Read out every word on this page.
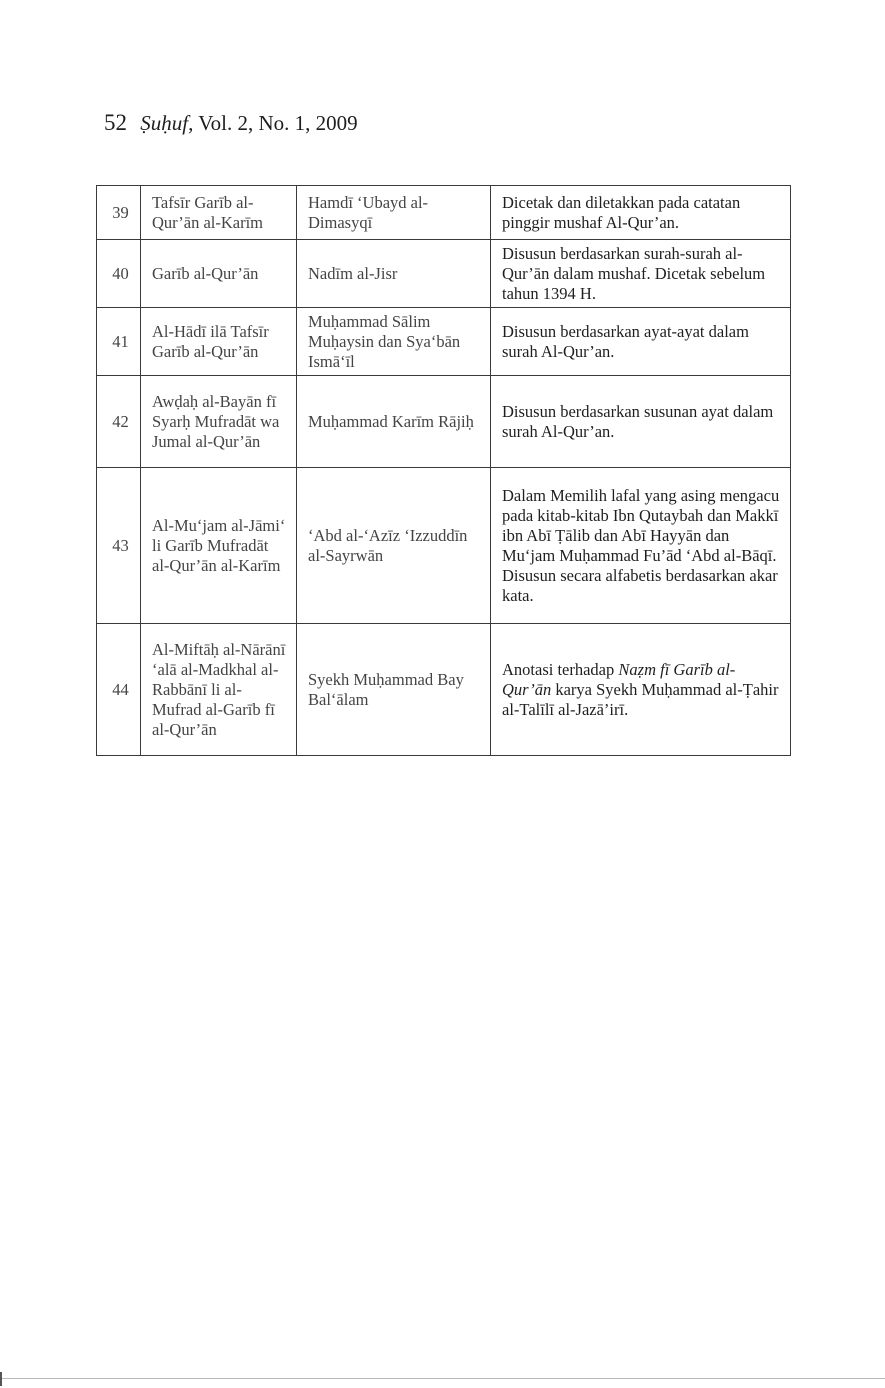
52 Ṣuḥuf, Vol. 2, No. 1, 2009
39	Tafsīr Garīb al-Qur’ān al-Karīm	Hamdī ‘Ubayd al-Dimasyqī	Dicetak dan diletakkan pada catatan pinggir mushaf Al-Qur’an.
40	Garīb al-Qur’ān	Nadīm al-Jisr	Disusun berdasarkan surah-surah al-Qur’ān dalam mushaf. Dicetak sebelum tahun 1394 H.
41	Al-Hādī ilā Tafsīr Garīb al-Qur’ān	Muḥammad Sālim Muḥaysin dan Sya‘bān Ismā‘īl	Disusun berdasarkan ayat-ayat dalam surah Al-Qur’an.
42	Awḍaḥ al-Bayān fī Syarḥ Mufradāt wa Jumal al-Qur’ān	Muḥammad Karīm Rājiḥ	Disusun berdasarkan susunan ayat dalam surah Al-Qur’an.
43	Al-Mu‘jam al-Jāmi‘ li Garīb Mufradāt al-Qur’ān al-Karīm	‘Abd al-‘Azīz ‘Izzuddīn al-Sayrwān	Dalam Memilih lafal yang asing mengacu pada kitab-kitab Ibn Qutaybah dan Makkī ibn Abī Ṭālib dan Abī Hayyān dan Mu‘jam Muḥammad Fu’ād ‘Abd al-Bāqī. Disusun secara alfabetis berdasarkan akar kata.
44	Al-Miftāḥ al-Nārānī ‘alā al-Madkhal al-Rabbānī li al-Mufrad al-Garīb fī al-Qur’ān	Syekh Muḥammad Bay Bal‘ālam	Anotasi terhadap Naẓm fī Garīb al-Qur’ān karya Syekh Muḥammad al-Ṭahir al-Talīlī al-Jazā’irī.
